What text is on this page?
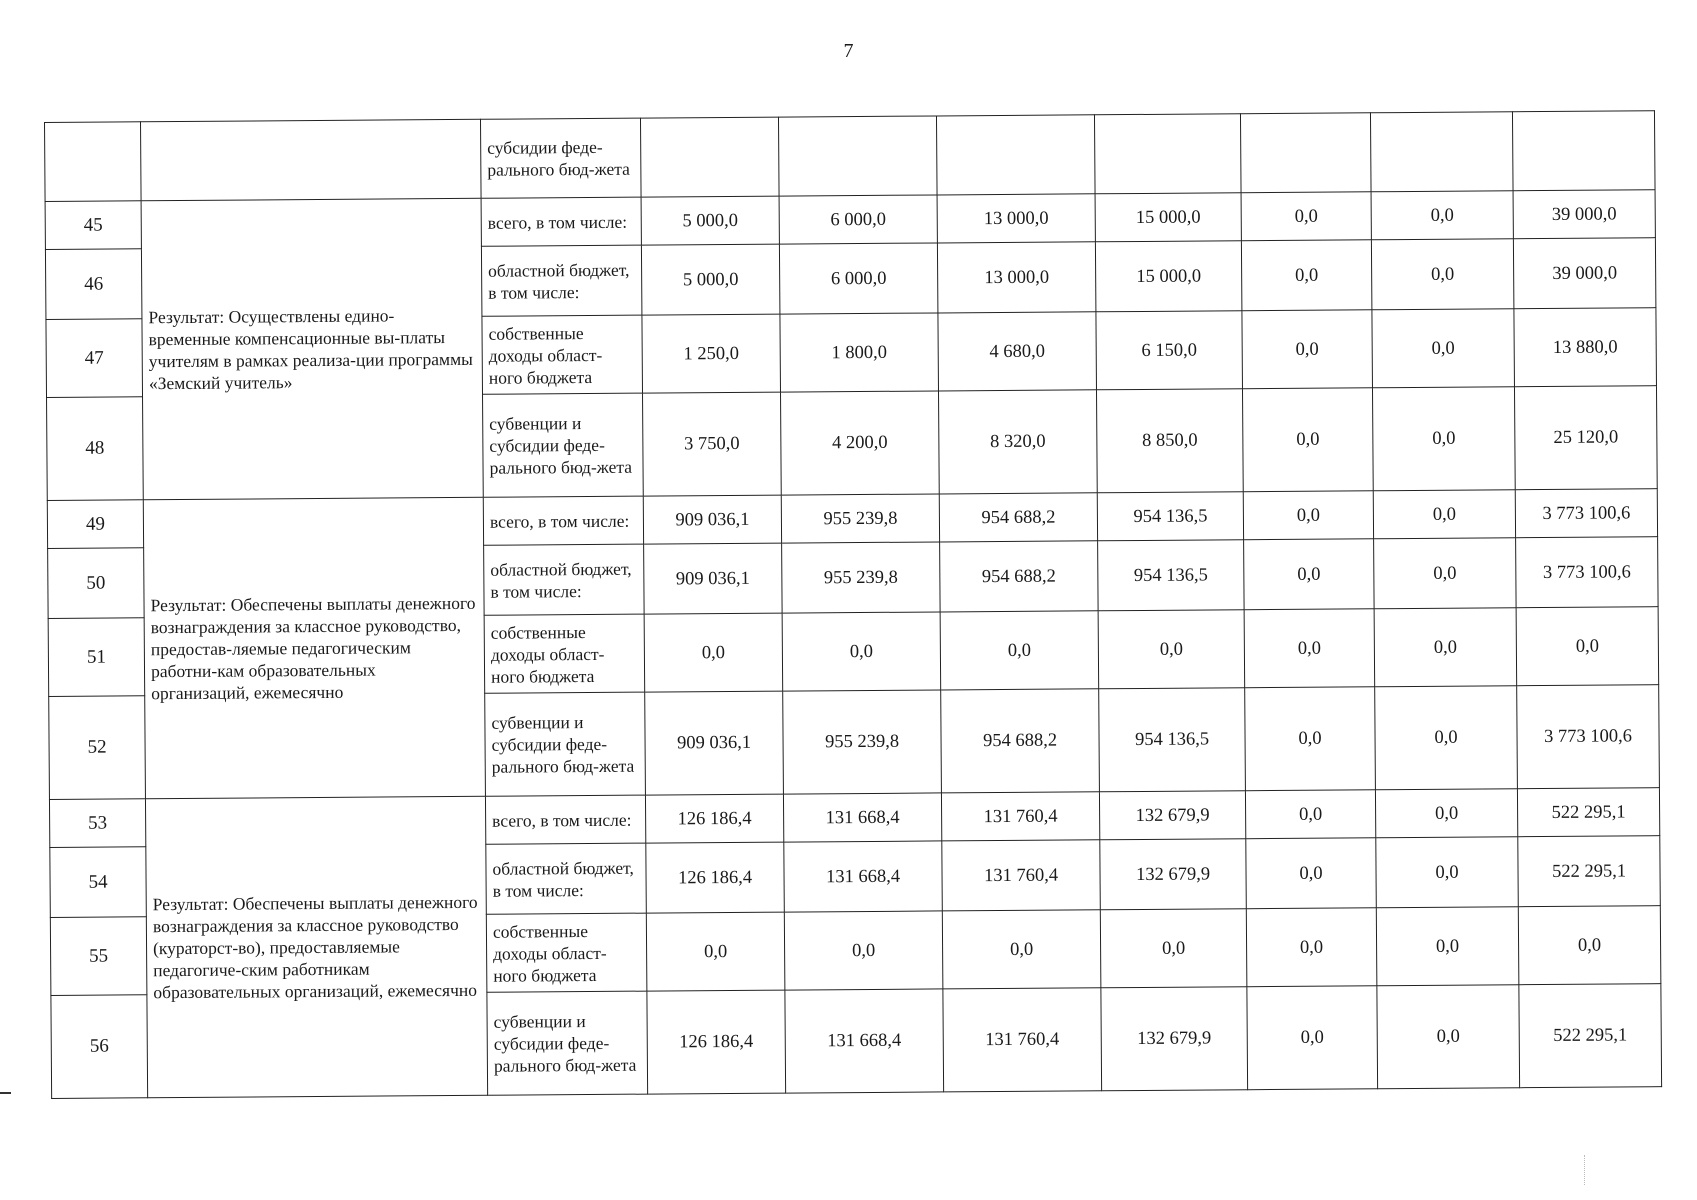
7
		субсидии феде-ральнoго бюд-жета							
45	Результат: Осуществлены едино-временные компенсационные вы-платы учителям в рамках реализа-ции программы «Земский учитель»	всего, в том числе:	5 000,0	6 000,0	13 000,0	15 000,0	0,0	0,0	39 000,0
46		областной бюджет, в том числе:	5 000,0	6 000,0	13 000,0	15 000,0	0,0	0,0	39 000,0
47		собственные доходы област-ного бюджета	1 250,0	1 800,0	4 680,0	6 150,0	0,0	0,0	13 880,0
48		субвенции и субсидии феде-рального бюд-жета	3 750,0	4 200,0	8 320,0	8 850,0	0,0	0,0	25 120,0
49	Результат: Обеспечены выплаты денежного вознаграждения за классное руководство, предостав-ляемые педагогическим работни-кам образовательных организаций, ежемесячно	всего, в том числе:	909 036,1	955 239,8	954 688,2	954 136,5	0,0	0,0	3 773 100,6
50		областной бюджет, в том числе:	909 036,1	955 239,8	954 688,2	954 136,5	0,0	0,0	3 773 100,6
51		собственные доходы област-ного бюджета	0,0	0,0	0,0	0,0	0,0	0,0	0,0
52		субвенции и субсидии феде-рального бюд-жета	909 036,1	955 239,8	954 688,2	954 136,5	0,0	0,0	3 773 100,6
53	Результат: Обеспечены выплаты денежного вознаграждения за классное руководство (кураторст-во), предоставляемые педагогиче-ским работникам образовательных организаций, ежемесячно	всего, в том числе:	126 186,4	131 668,4	131 760,4	132 679,9	0,0	0,0	522 295,1
54		областной бюджет, в том числе:	126 186,4	131 668,4	131 760,4	132 679,9	0,0	0,0	522 295,1
55		собственные доходы област-ного бюджета	0,0	0,0	0,0	0,0	0,0	0,0	0,0
56		субвенции и субсидии феде-рального бюд-жета	126 186,4	131 668,4	131 760,4	132 679,9	0,0	0,0	522 295,1
